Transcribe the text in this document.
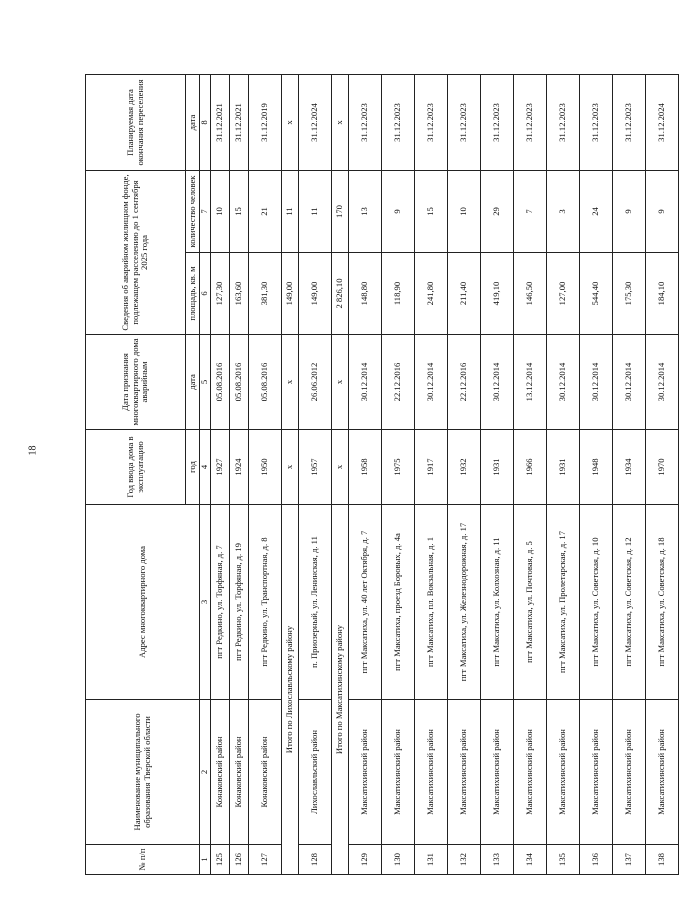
18
№ п/п	Наименование муниципального образования Тверской области	Адрес многоквартирного дома	Год ввода дома в эксплуатацию	Дата признания многоквартирного дома аварийным	Сведения об аварийном жилищном фонде, подлежащем расселению до 1 сентября 2025 года		Планируемая дата окончания переселения
			год	дата	площадь, кв. м	количество человек	дата
1	2	3	4	5	6	7	8
125	Конаковский район	пгт Редкино, ул. Торфяная, д. 7	1927	05.08.2016	127,30	10	31.12.2021
126	Конаковский район	пгт Редкино, ул. Торфяная, д. 19	1924	05.08.2016	163,60	15	31.12.2021
127	Конаковский район	пгт Редкино, ул. Транспортная, д. 8	1950	05.08.2016	381,30	21	31.12.2019
Итого по Лихославльскому району			x	x	149,00	11	x
128	Лихославльский район	п. Приозерный, ул. Ленинская, д. 11	1957	26.06.2012	149,00	11	31.12.2024
Итого по Максатихинскому району			x	x	2 826,10	170	x
129	Максатихинский район	пгт Максатиха, ул. 40 лет Октября, д. 7	1958	30.12.2014	148,80	13	31.12.2023
130	Максатихинский район	пгт Максатиха, проезд Боровых, д. 4а	1975	22.12.2016	118,90	9	31.12.2023
131	Максатихинский район	пгт Максатиха, пл. Вокзальная, д. 1	1917	30.12.2014	241,80	15	31.12.2023
132	Максатихинский район	пгт Максатиха, ул. Железнодорожная, д. 17	1932	22.12.2016	211,40	10	31.12.2023
133	Максатихинский район	пгт Максатиха, ул. Колхозная, д. 11	1931	30.12.2014	419,10	29	31.12.2023
134	Максатихинский район	пгт Максатиха, ул. Почтовая, д. 5	1966	13.12.2014	146,50	7	31.12.2023
135	Максатихинский район	пгт Максатиха, ул. Пролетарская, д. 17	1931	30.12.2014	127,00	3	31.12.2023
136	Максатихинский район	пгт Максатиха, ул. Советская, д. 10	1948	30.12.2014	544,40	24	31.12.2023
137	Максатихинский район	пгт Максатиха, ул. Советская, д. 12	1934	30.12.2014	175,30	9	31.12.2023
138	Максатихинский район	пгт Максатиха, ул. Советская, д. 18	1970	30.12.2014	184,10	9	31.12.2024
